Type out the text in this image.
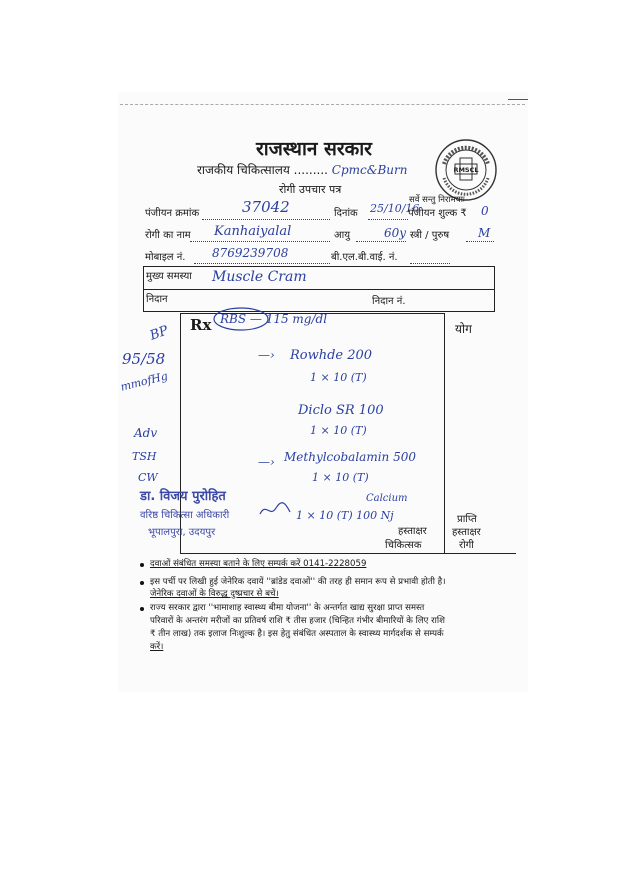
RMSCL
राजस्थान सरकार
राजकीय चिकित्सालय ......... Cpmc&Burn
रोगी उपचार पत्र
सर्वे सन्तु निरामयाः
पंजीयन क्रमांक	37042	दिनांक 25/10/16
पंजीयन शुल्क ₹ 0
रोगी का नाम Kanhaiyalal	आयु	60y स्त्री / पुरुष M
मोबाइल नं. 8769239708	बी.एल.बी.वाई. नं.
मुख्य समस्या Muscle Cram
निदान	निदान नं.
योग
Rx RBS — 115 mg/dl
BP
95/58
mmofHg
Adv
TSH
CW
—› Rowhde 200
1 × 10 (T)
Diclo SR 100
1 × 10 (T)
—› Methylcobalamin 500
1 × 10 (T)
Calcium
1 × 10 (T) 100 Nj
डा. विजय पुरोहित
वरिष्ठ चिकित्सा अधिकारी
भूपालपुरा, उदयपुर	हस्ताक्षर
चिकित्सक
प्राप्ति
हस्ताक्षर
रोगी
दवाओं संबंधित समस्या बताने के लिए सम्पर्क करें 0141-2228059
इस पर्ची पर लिखी हुई जेनेरिक दवायें ''ब्रांडेड दवाओं'' की तरह ही समान रूप से प्रभावी होती है।
जेनेरिक दवाओं के विरुद्ध दुष्प्रचार से बचें।
राज्य सरकार द्वारा ''भामाशाह स्वास्थ्य बीमा योजना'' के अन्तर्गत खाद्य सुरक्षा प्राप्त समस्त
परिवारों के अन्तरंग मरीजों का प्रतिवर्ष राशि ₹ तीस हजार (चिन्हित गंभीर बीमारियों के लिए राशि
₹ तीन लाख) तक इलाज निःशुल्क है। इस हेतु संबंधित अस्पताल के स्वास्थ्य मार्गदर्शक से सम्पर्क
करें।
